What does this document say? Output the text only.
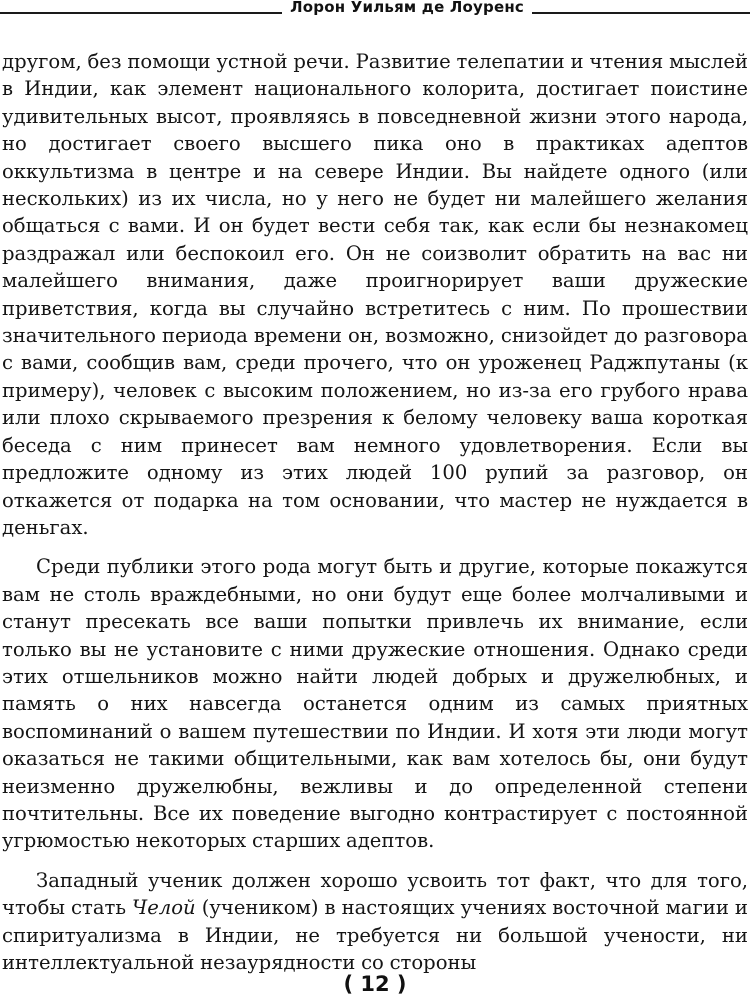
Лорон Уильям де Лоуренс

другом, без помощи устной речи. Развитие телепатии и чтения мыслей в Индии, как элемент национального колорита, достигает поистине удивительных высот, проявляясь в повседневной жизни этого народа, но достигает своего высшего пика оно в практиках адептов оккультизма в центре и на севере Индии. Вы найдете одного (или нескольких) из их числа, но у него не будет ни малейшего желания общаться с вами. И он будет вести себя так, как если бы незнакомец раздражал или беспокоил его. Он не соизволит обратить на вас ни малейшего внимания, даже проигнорирует ваши дружеские приветствия, когда вы случайно встретитесь с ним. По прошествии значительного периода времени он, возможно, снизойдет до разговора с вами, сообщив вам, среди прочего, что он уроженец Раджпутаны (к примеру), человек с высоким положением, но из-за его грубого нрава или плохо скрываемого презрения к белому человеку ваша короткая беседа с ним принесет вам немного удовлетворения. Если вы предложите одному из этих людей 100 рупий за разговор, он откажется от подарка на том основании, что мастер не нуждается в деньгах.

Среди публики этого рода могут быть и другие, которые покажутся вам не столь враждебными, но они будут еще более молчаливыми и станут пресекать все ваши попытки привлечь их внимание, если только вы не установите с ними дружеские отношения. Однако среди этих отшельников можно найти людей добрых и дружелюбных, и память о них навсегда останется одним из самых приятных воспоминаний о вашем путешествии по Индии. И хотя эти люди могут оказаться не такими общительными, как вам хотелось бы, они будут неизменно дружелюбны, вежливы и до определенной степени почтительны. Все их поведение выгодно контрастирует с постоянной угрюмостью некоторых старших адептов.

Западный ученик должен хорошо усвоить тот факт, что для того, чтобы стать Челой (учеником) в настоящих учениях восточной магии и спиритуализма в Индии, не требуется ни большой учености, ни интеллектуальной незаурядности со стороны

( 12 )
